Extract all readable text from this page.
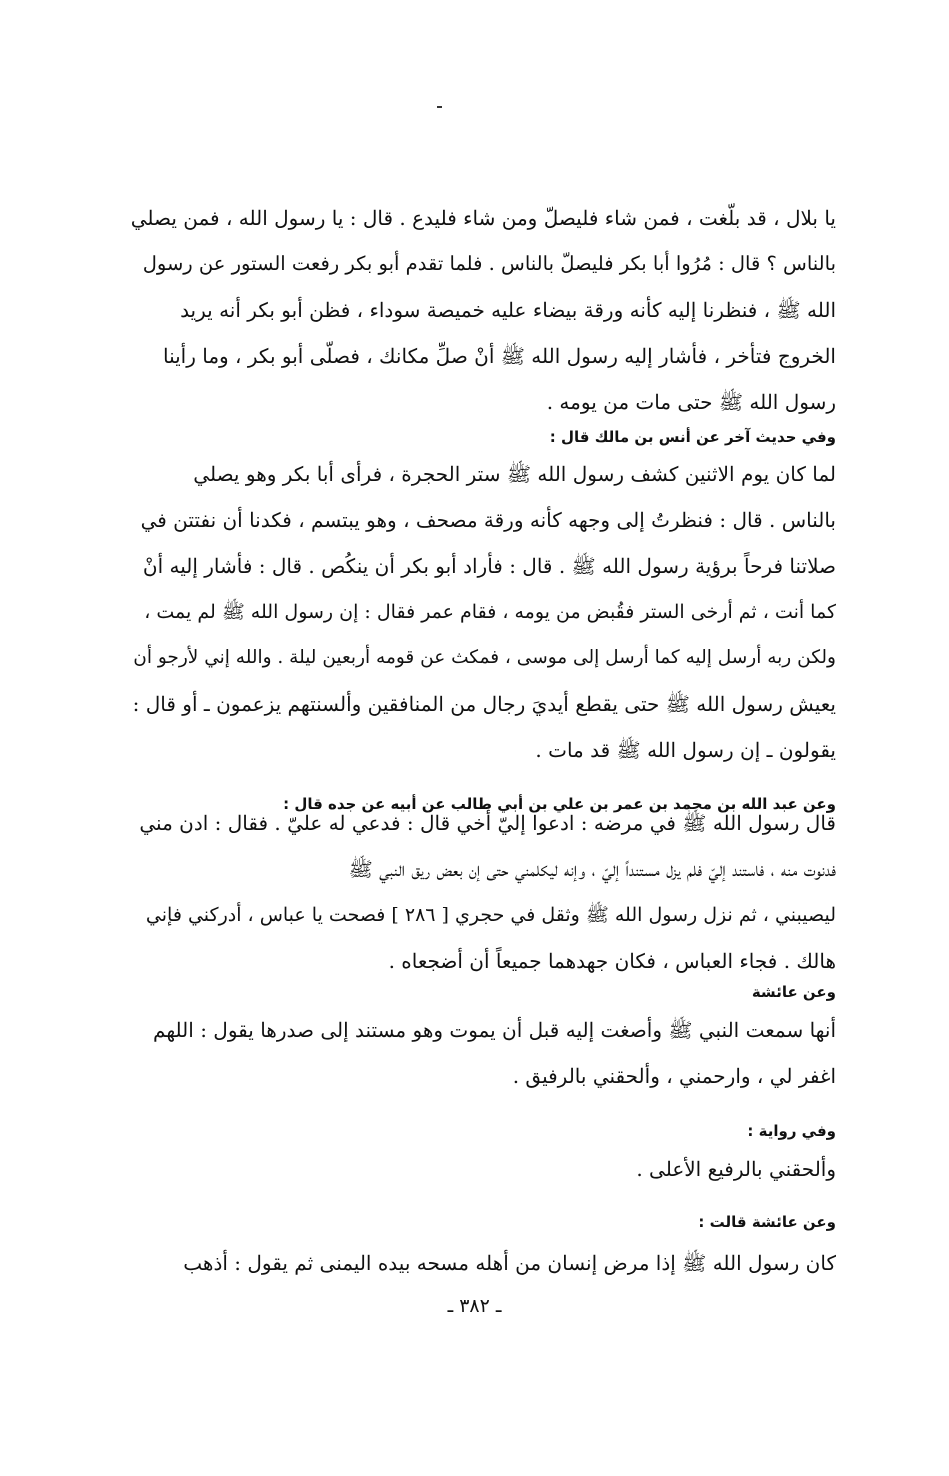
يا بلال ، قد بلّغت ، فمن شاء فليصلّ ومن شاء فليدع . قال : يا رسول الله ، فمن يصلي
بالناس ؟ قال : مُرُوا أبا بكر فليصلّ بالناس . فلما تقدم أبو بكر رفعت الستور عن رسول
الله ﷺ ، فنظرنا إليه كأنه ورقة بيضاء عليه خميصة سوداء ، فظن أبو بكر أنه يريد
الخروج فتأخر ، فأشار إليه رسول الله ﷺ أنْ صلِّ مكانك ، فصلّى أبو بكر ، وما رأينا
رسول الله ﷺ حتى مات من يومه .
وفي حديث آخر عن أنس بن مالك قال :
لما كان يوم الاثنين كشف رسول الله ﷺ ستر الحجرة ، فرأى أبا بكر وهو يصلي
بالناس . قال : فنظرتُ إلى وجهه كأنه ورقة مصحف ، وهو يبتسم ، فكدنا أن نفتتن في
صلاتنا فرحاً برؤية رسول الله ﷺ . قال : فأراد أبو بكر أن ينكُص . قال : فأشار إليه أنْ
كما أنت ، ثم أرخى الستر فقُبض من يومه ، فقام عمر فقال : إن رسول الله ﷺ لم يمت ،
ولكن ربه أرسل إليه كما أرسل إلى موسى ، فمكث عن قومه أربعين ليلة . والله إني لأرجو أن
يعيش رسول الله ﷺ حتى يقطع أيديَ رجال من المنافقين وألسنتهم يزعمون ـ أو قال :
يقولون ـ إن رسول الله ﷺ قد مات .
وعن عبد الله بن محمد بن عمر بن علي بن أبي طالب عن أبيه عن جده قال :
قال رسول الله ﷺ في مرضه : ادعوا إليّ أخي قال : فدعي له عليّ . فقال : ادن مني
فدنوت منه ، فاستند إليّ فلم يزل مستنداً إليّ ، وإنه ليكلمني حتى إن بعض ريق النبي ﷺ
ليصيبني ، ثم نزل رسول الله ﷺ وثقل في حجري [ ٢٨٦ ] فصحت يا عباس ، أدركني فإني
هالك . فجاء العباس ، فكان جهدهما جميعاً أن أضجعاه .
وعن عائشة
أنها سمعت النبي ﷺ وأصغت إليه قبل أن يموت وهو مستند إلى صدرها يقول : اللهم
اغفر لي ، وارحمني ، وألحقني بالرفيق .
وفي رواية :
وألحقني بالرفيع الأعلى .
وعن عائشة قالت :
كان رسول الله ﷺ إذا مرض إنسان من أهله مسحه بيده اليمنى ثم يقول : أذهب
ـ ٣٨٢ ـ
